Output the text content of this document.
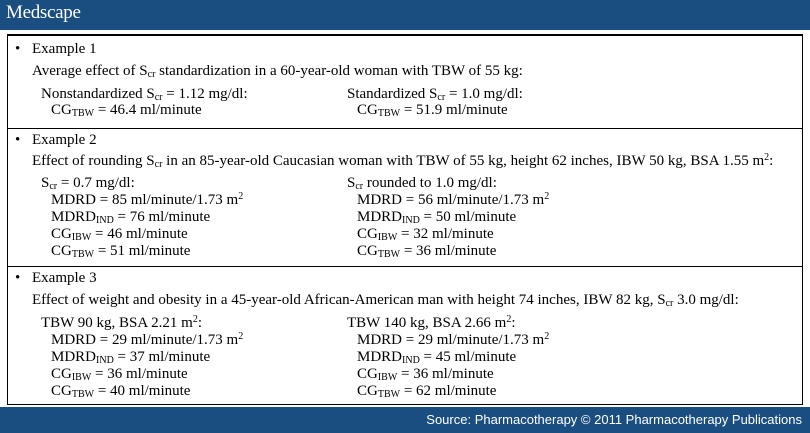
Medscape
• Example 1
Average effect of $S_{cr}$ standardization in a 60-year-old woman with TBW of 55 kg:
Nonstandardized $S_{cr} = 1.12$ mg/dl:
$CG_{TBW} = 46.4$ ml/minute
Standardized $S_{cr} = 1.0$ mg/dl:
$CG_{TBW} = 51.9$ ml/minute
• Example 2
Effect of rounding $S_{cr}$ in an 85-year-old Caucasian woman with TBW of 55 kg, height 62 inches, IBW 50 kg, BSA 1.55 $m^2$:
$S_{cr} = 0.7$ mg/dl:
MDRD = 85 ml/minute/1.73 $m^2$
$MDRD_{IND} = 76$ ml/minute
$CG_{IBW} = 46$ ml/minute
$CG_{TBW} = 51$ ml/minute
$S_{cr}$ rounded to 1.0 mg/dl:
MDRD = 56 ml/minute/1.73 $m^2$
$MDRD_{IND} = 50$ ml/minute
$CG_{IBW} = 32$ ml/minute
$CG_{TBW} = 36$ ml/minute
• Example 3
Effect of weight and obesity in a 45-year-old African-American man with height 74 inches, IBW 82 kg, $S_{cr}$ 3.0 mg/dl:
TBW 90 kg, BSA 2.21 $m^2$:
MDRD = 29 ml/minute/1.73 $m^2$
$MDRD_{IND} = 37$ ml/minute
$CG_{IBW} = 36$ ml/minute
$CG_{TBW} = 40$ ml/minute
TBW 140 kg, BSA 2.66 $m^2$:
MDRD = 29 ml/minute/1.73 $m^2$
$MDRD_{IND} = 45$ ml/minute
$CG_{IBW} = 36$ ml/minute
$CG_{TBW} = 62$ ml/minute
Source: Pharmacotherapy © 2011 Pharmacotherapy Publications
